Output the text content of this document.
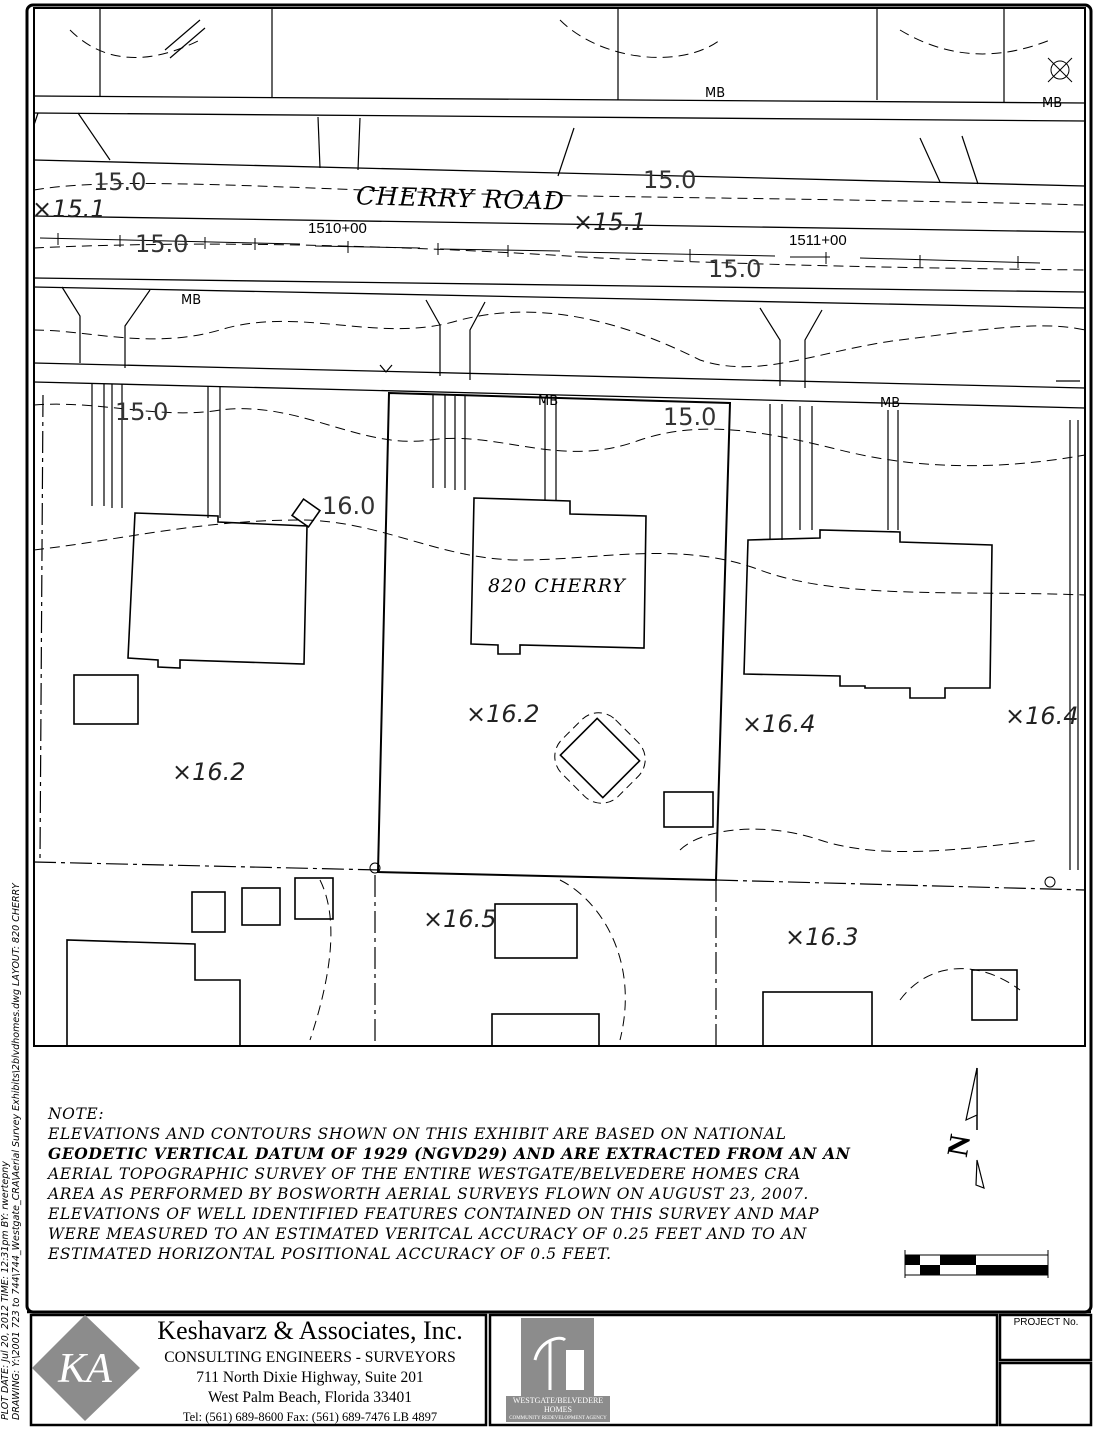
N
KA
CHERRY ROAD
1510+00
1511+00
820 CHERRY
×15.1	×15.1
×16.2
×16.2
×16.4	×16.4
×16.5
×16.3
15.0	15.0
15.0
15.0
15.0	15.0
16.0
MB
MB
MB
MB	MB
NOTE:
ELEVATIONS AND CONTOURS SHOWN ON THIS EXHIBIT ARE BASED ON NATIONAL
GEODETIC VERTICAL DATUM OF 1929 (NGVD29) AND ARE EXTRACTED FROM AN AN
AERIAL TOPOGRAPHIC SURVEY OF THE ENTIRE WESTGATE/BELVEDERE HOMES CRA
AREA AS PERFORMED BY BOSWORTH AERIAL SURVEYS FLOWN ON AUGUST 23, 2007.
ELEVATIONS OF WELL IDENTIFIED FEATURES CONTAINED ON THIS SURVEY AND MAP
WERE MEASURED TO AN ESTIMATED VERITCAL ACCURACY OF 0.25 FEET AND TO AN
ESTIMATED HORIZONTAL POSITIONAL ACCURACY OF 0.5 FEET.
PLOT DATE: Jul 20, 2012 TIME: 12:31pm BY: rwertepny DRAWING: Y:\2001 723 to 744\744_Westgate_CRA\Aerial Survey Exhibits\2blvdhomes.dwg LAYOUT: 820 CHERRY	Keshavarz & Associates, Inc.
CONSULTING ENGINEERS - SURVEYORS
711 North Dixie Highway, Suite 201
West Palm Beach, Florida 33401
Tel: (561) 689-8600 Fax: (561) 689-7476 LB 4897
WESTGATE/BELVEDERE HOMES
COMMUNITY REDEVELOPMENT AGENCY
PROJECT No.
